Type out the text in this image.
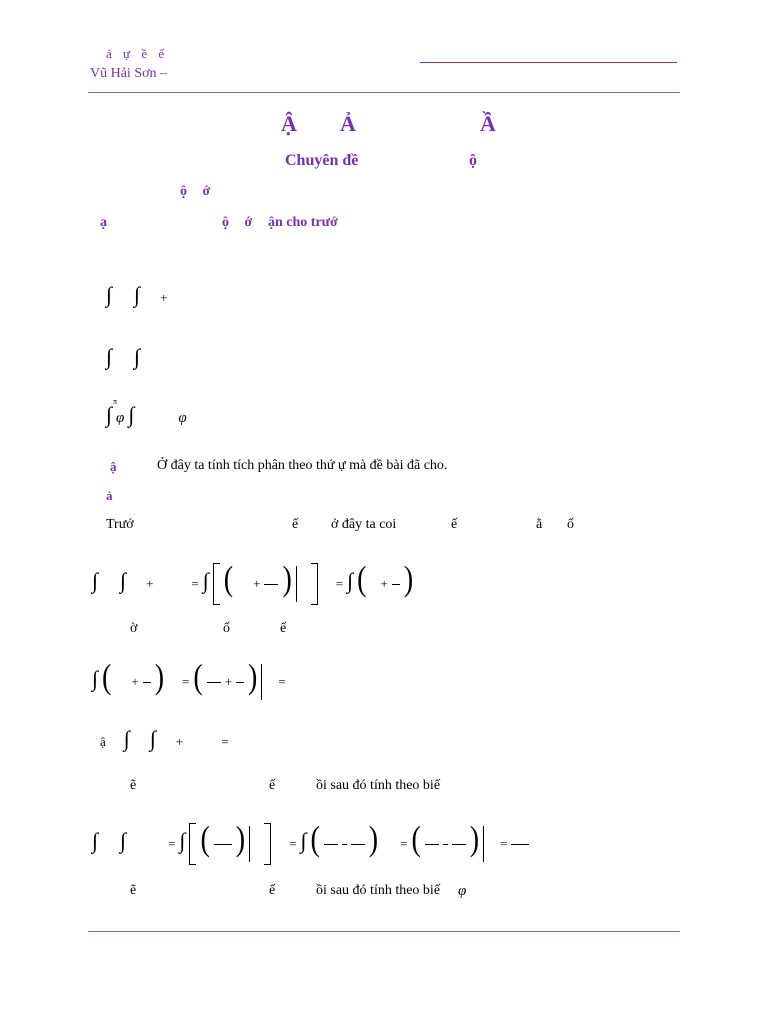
ả ự ề ế
Vũ Hải Sơn –
Ậ Ả	Ầ
Chuyên đề	ộ
ộ ớ
ạ	ộ ớ ận cho trướ
∫ ∫ +
∫ ∫
∫ φ ∫	φ
π
ậ	Ở đây ta tính tích phân theo thứ ự mà đề bài đã cho.
ả
Trướ	ế ở đây ta coi	ế	ằ ố
∫ ∫ +	= ∫ ( + )	= ∫ ( + )
ờ	ố	ế
∫ ( + ) = ( + ) =
ậ ∫ ∫ +	=
ẽ	ế	ồi sau đó tính theo biế
∫ ∫	= ∫ ( )	= ∫ ( ) = ( ) =
ẽ	ế	ồi sau đó tính theo biế φ
